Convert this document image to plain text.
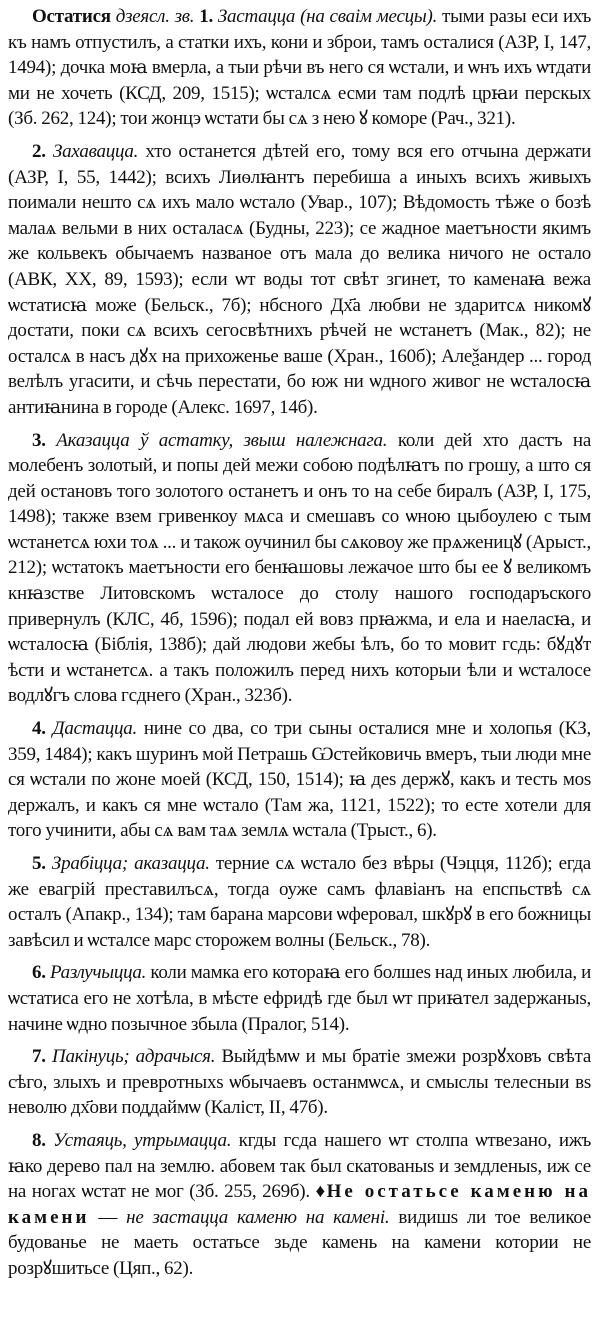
Остатися дзеясл. зв. 1. Застаццa (на сваім месцы). тыми разы еси ихъ къ намъ отпустилъ, а статки ихъ, кони и зброи, тамъ осталися (АЗР, I, 147, 1494); дочка моꙗ вмерла, а тыи рѣчи въ него ся ѡстали, и ѡнъ ихъ ѡтдати ми не хочеть (КСД, 209, 1515); ѡсталсѧ есми там подлѣ црꙗи перскых (Зб. 262, 124); тои жонцэ ѡстати бы сѧ з нею ꙋ коморе (Рач., 321).

2. Захавацца. хто останется дѣтей его, тому вся его отчына держати (АЗР, I, 55, 1442); всихъ Лиѳлꙗнтъ перебиша а иныхъ всихъ живыхъ поимали нешто сѧ ихъ мало ѡстало (Увар., 107); Вѣдомость тѣже о бозѣ малаѧ вельми в них осталасѧ (Будны, 223); се жадное маетъности якимъ же кольвекъ обычаемъ названое отъ мала до велика ничого не остало (АВК, XX, 89, 1593); если ѡт воды тот свѣт згинет, то каменаꙗ вежа ѡстатисꙗ може (Бельск., 7б); нбсного Дх҃а любви не здаритсѧ никомꙋ достати, поки сѧ всихъ сегосвѣтнихъ рѣчей не ѡстанетъ (Мак., 82); не осталсѧ в насъ дꙋх на прихоженье ваше (Хран., 160б); Алеѯандер ... город велѣлъ угасити, и сѣчь перестати, бо юж ни ѡдного живог не ѡсталосꙗ антиꙗнина в городе (Алекс. 1697, 14б).

3. Аказацца ў астатку, звыш належнага. коли дей хто дастъ на молебенъ золотый, и попы дей межи собою подѣлꙗтъ по грошу, а што ся дей остановъ того золотого останетъ и онъ то на себе биралъ (АЗР, I, 175, 1498); также взем гривенкоу мѧса и смешавъ со ѡною цыбоулею с тым ѡстанетсѧ юхи тоѧ ... и також оучинил бы сѧковоу же прѧженицꙋ (Арыст., 212); ѡстатокъ маетъности его бенꙗшовы лежачое што бы ее ꙋ великомъ кнꙗзстве Литовскомъ ѡсталосе до столу нашого господаръского привернулъ (КЛС, 4б, 1596); подал ей вовз прꙗжма, и ела и наеласꙗ, и ѡсталосꙗ (Біблія, 138б); дай людови жебы ѣлъ, бо то мовит гсдь: бꙋдꙋт ѣсти и ѡстанетсѧ. а такъ положилъ перед нихъ которыи ѣли и ѡсталосе водлꙋгъ слова гсднего (Хран., 323б).

4. Дастаццa. нине со два, со три сыны осталися мне и холопья (КЗ, 359, 1484); какъ шуринъ мой Петрашь Ѡстейковичь вмеръ, тыи люди мне ся ѡстали по жоне моей (КСД, 150, 1514); ꙗ деѕ держꙋ, какъ и тесть моѕ держалъ, и какъ ся мне ѡстало (Там жа, 1121, 1522); то есте хотели для того учинити, абы сѧ вам таѧ землѧ ѡстала (Трыст., 6).

5. Зрабіцца; аказацца. терние сѧ ѡстало без вѣры (Чэцця, 112б); егда же евагрій преставилъсѧ, тогда оуже самъ флавіанъ на епспьствѣ сѧ осталъ (Апакр., 134); там барана марсови ѡферовал, шкꙋрꙋ в его божницы завѣсил и ѡсталсе марс сторожем волны (Бельск., 78).

6. Разлучыццa. коли мамка его котораꙗ его болшеѕ над иных любила, и ѡстатиса его не хотѣла, в мѣсте ефридѣ где был ѡт приꙗтел задержаныѕ, начине ѡдно позычное збыла (Пралог, 514).

7. Пакінуць; адрачыся. Выйдѣмѡ и мы братіе змежи розрꙋховъ свѣта сѣго, злыхъ и превротныхѕ ѡбычаевъ останмѡсѧ, и смыслы телесныи вѕ неволю дх҃ови поддаймѡ (Каліст, II, 47б).

8. Устаяць, утрымацца. кгды гсда нашего ѡт столпа ѡтвезано, ижъ ꙗко дерево пал на землю. абовем так был скатованыѕ и земдленыѕ, иж се на ногах ѡстат не мог (Зб. 255, 269б). ♦Не остатьсе каменю на камени — не застацца каменю на камені. видишѕ ли тое великое будованье не маеть остатьсе зьде камень на камени котории не розрꙋшитьсе (Цяп., 62).
